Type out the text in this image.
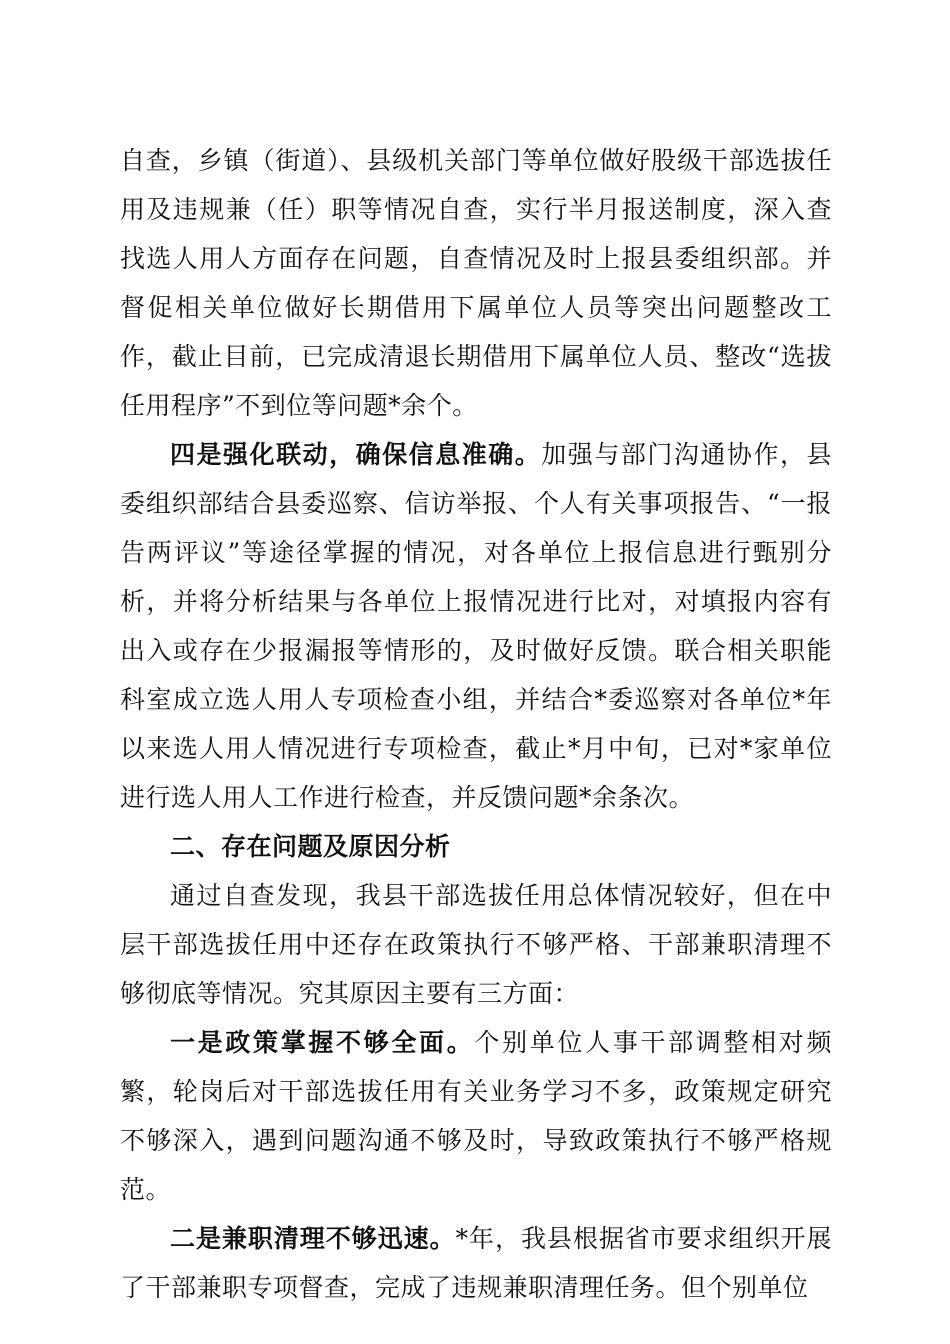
自查，乡镇（街道）、县级机关部门等单位做好股级干部选拔任用及违规兼（任）职等情况自查，实行半月报送制度，深入查找选人用人方面存在问题，自查情况及时上报县委组织部。并督促相关单位做好长期借用下属单位人员等突出问题整改工作，截止目前，已完成清退长期借用下属单位人员、整改“选拔任用程序”不到位等问题*余个。

四是强化联动，确保信息准确。加强与部门沟通协作，县委组织部结合县委巡察、信访举报、个人有关事项报告、“一报告两评议”等途径掌握的情况，对各单位上报信息进行甄别分析，并将分析结果与各单位上报情况进行比对，对填报内容有出入或存在少报漏报等情形的，及时做好反馈。联合相关职能科室成立选人用人专项检查小组，并结合*委巡察对各单位*年以来选人用人情况进行专项检查，截止*月中旬，已对*家单位进行选人用人工作进行检查，并反馈问题*余条次。

二、存在问题及原因分析

通过自查发现，我县干部选拔任用总体情况较好，但在中层干部选拔任用中还存在政策执行不够严格、干部兼职清理不够彻底等情况。究其原因主要有三方面：

一是政策掌握不够全面。个别单位人事干部调整相对频繁，轮岗后对干部选拔任用有关业务学习不多，政策规定研究不够深入，遇到问题沟通不够及时，导致政策执行不够严格规范。

二是兼职清理不够迅速。*年，我县根据省市要求组织开展了干部兼职专项督查，完成了违规兼职清理任务。但个别单位
